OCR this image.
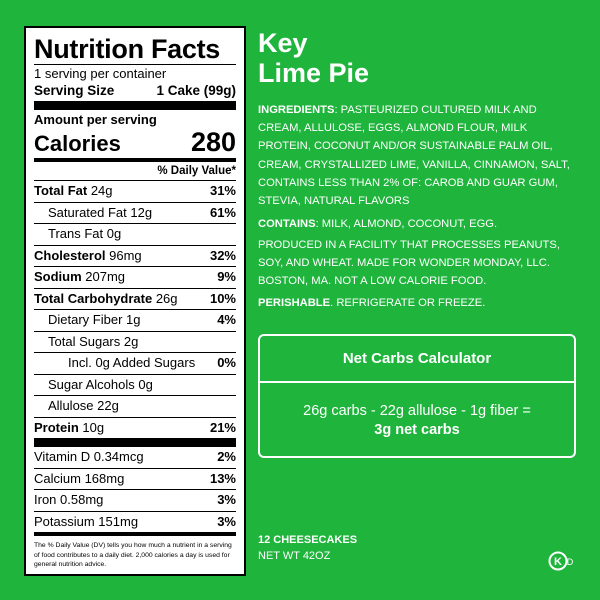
Nutrition Facts
1 serving per container
Serving Size	1 Cake (99g)
Amount per serving
Calories	280
% Daily Value*
Total Fat 24g	31%
Saturated Fat 12g	61%
Trans Fat 0g
Cholesterol 96mg	32%
Sodium 207mg	9%
Total Carbohydrate 26g 10%
Dietary Fiber 1g	4%
Total Sugars 2g
Incl. 0g Added Sugars 0%
Sugar Alcohols 0g
Allulose 22g
Protein 10g	21%
Vitamin D 0.34mcg	2%
Calcium 168mg	13%
Iron 0.58mg	3%
Potassium 151mg	3%
The % Daily Value (DV) tells you how much a nutrient in a serving of food contributes to a daily diet. 2,000 calories a day is used for general nutrition advice.
Key
Lime Pie
INGREDIENTS: PASTEURIZED CULTURED MILK AND CREAM, ALLULOSE, EGGS, ALMOND FLOUR, MILK PROTEIN, COCONUT AND/OR SUSTAINABLE PALM OIL, CREAM, CRYSTALLIZED LIME, VANILLA, CINNAMON, SALT, CONTAINS LESS THAN 2% OF: CAROB AND GUAR GUM, STEVIA, NATURAL FLAVORS
CONTAINS: MILK, ALMOND, COCONUT, EGG.
PRODUCED IN A FACILITY THAT PROCESSES PEANUTS, SOY, AND WHEAT. MADE FOR WONDER MONDAY, LLC. BOSTON, MA. NOT A LOW CALORIE FOOD.
PERISHABLE. REFRIGERATE OR FREEZE.
Net Carbs Calculator
26g carbs - 22g allulose - 1g fiber =
3g net carbs
12 CHEESECAKES
NET WT 42OZ
K D
